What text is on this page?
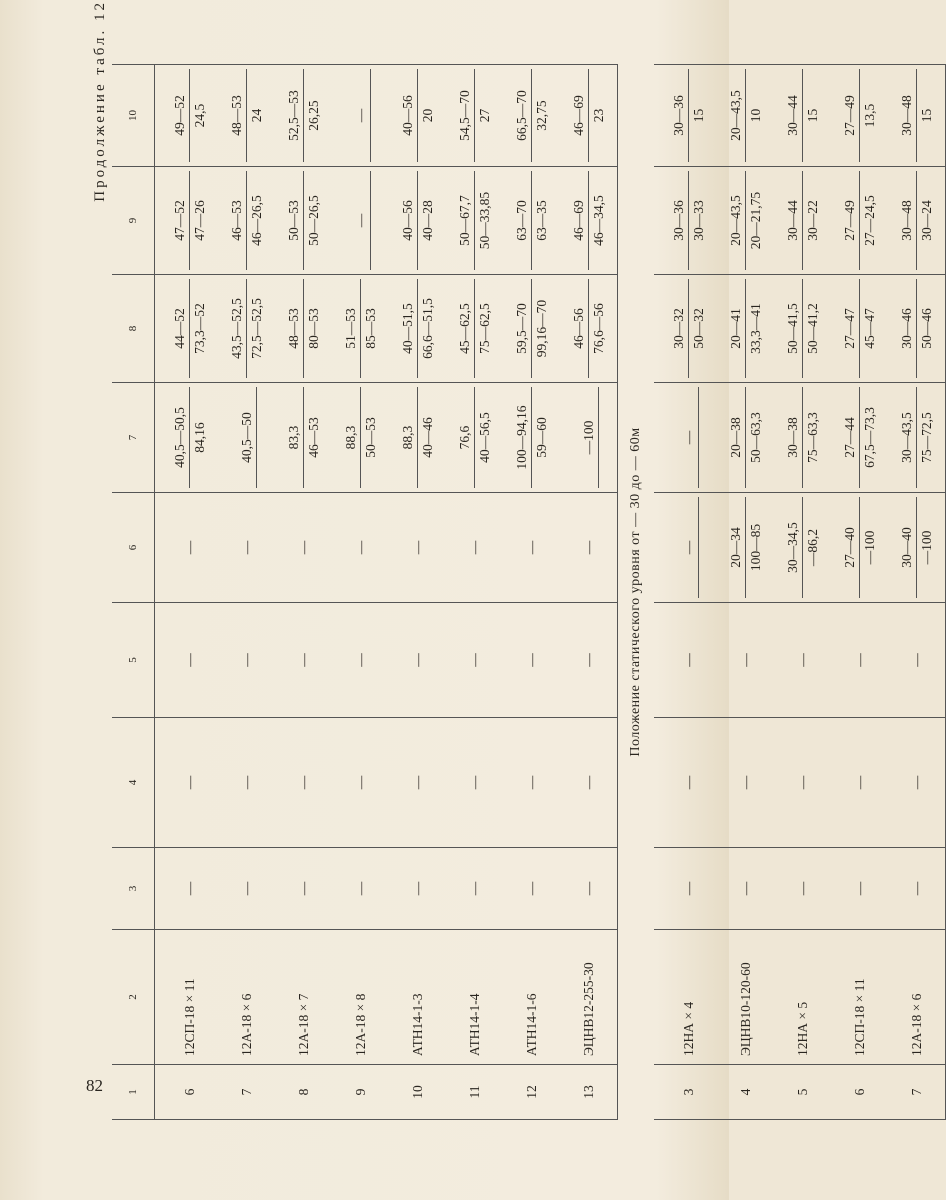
82
Продолжение табл. 12
1	2	3	4	5	6	7	8	9	10
6	12СП-18 × 11	—	—	—	—	40,5—50,5 84,16	44—52 73,3—52	47—52 47—26	49—52 24,5

7	12А-18 × 6	—	—	—	—	40,5—50	43,5—52,5 72,5—52,5	46—53 46—26,5	48—53 24

8	12А-18 × 7	—	—	—	—	83,3 46—53	48—53 80—53	50—53 50—26,5	52,5—53 26,25

9	12А-18 × 8	—	—	—	—	88,3 50—53	51—53 85—53	—	—

10	АТН14-1-3	—	—	—	—	88,3 40—46	40—51,5 66,6—51,5	40—56 40—28	40—56 20

11	АТН14-1-4	—	—	—	—	76,6 40—56,5	45—62,5 75—62,5	50—67,7 50—33,85	54,5—70 27

12	АТН14-1-6	—	—	—	—	100—94,16 59—60	59,5—70 99,16—70	63—70 63—35	66,5—70 32,75

13	ЭЦНВ12-255-30	—	—	—	—	—100	46—56 76,6—56	46—69 46—34,5	46—69 23

Положение статического уровня от — 30 до — 60м									
3	12НА × 4	—	—	—	—	—	30—32 50—32	30—36 30—33	30—36 15

4	ЭЦНВ10-120-60	—	—	—	20—34 100—85	20—38 50—63,3	20—41 33,3—41	20—43,5 20—21,75	20—43,5 10

5	12НА × 5	—	—	—	30—34,5 —86,2	30—38 75—63,3	50—41,5 50—41,2	30—44 30—22	30—44 15

6	12СП-18 × 11	—	—	—	27—40 —100	27—44 67,5—73,3	27—47 45—47	27—49 27—24,5	27—49 13,5

7	12А-18 × 6	—	—	—	30—40 —100	30—43,5 75—72,5	30—46 50—46	30—48 30—24	30—48 15
